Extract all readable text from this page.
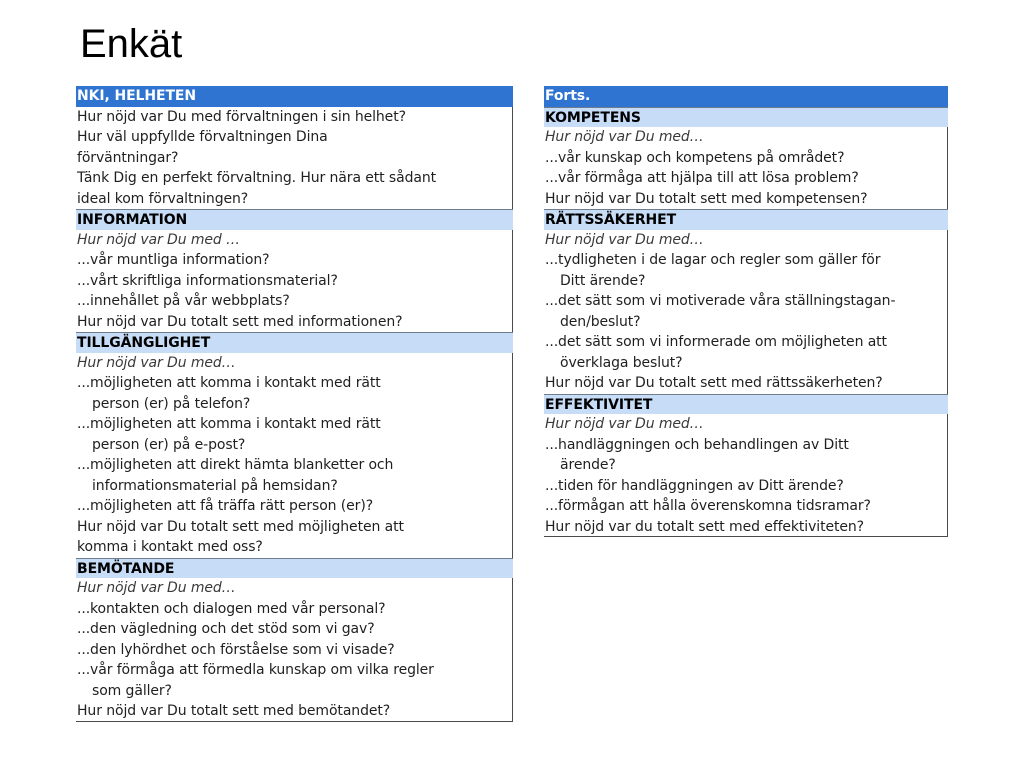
Enkät
NKI, HELHETEN
Hur nöjd var Du med förvaltningen i sin helhet?
Hur väl uppfyllde förvaltningen Dina
förväntningar?
Tänk Dig en perfekt förvaltning. Hur nära ett sådant
ideal kom förvaltningen?
INFORMATION
Hur nöjd var Du med …
...vår muntliga information?
...vårt skriftliga informationsmaterial?
...innehållet på vår webbplats?
Hur nöjd var Du totalt sett med informationen?
TILLGÄNGLIGHET
Hur nöjd var Du med…
...möjligheten att komma i kontakt med rätt
person (er) på telefon?
...möjligheten att komma i kontakt med rätt
person (er) på e-post?
...möjligheten att direkt hämta blanketter och
informationsmaterial på hemsidan?
...möjligheten att få träffa rätt person (er)?
Hur nöjd var Du totalt sett med möjligheten att
komma i kontakt med oss?
BEMÖTANDE
Hur nöjd var Du med…
...kontakten och dialogen med vår personal?
...den vägledning och det stöd som vi gav?
...den lyhördhet och förståelse som vi visade?
...vår förmåga att förmedla kunskap om vilka regler
som gäller?
Hur nöjd var Du totalt sett med bemötandet?
Forts.
KOMPETENS
Hur nöjd var Du med…
...vår kunskap och kompetens på området?
...vår förmåga att hjälpa till att lösa problem?
Hur nöjd var Du totalt sett med kompetensen?
RÄTTSSÄKERHET
Hur nöjd var Du med…
...tydligheten i de lagar och regler som gäller för
Ditt ärende?
...det sätt som vi motiverade våra ställningstagan-
den/beslut?
...det sätt som vi informerade om möjligheten att
överklaga beslut?
Hur nöjd var Du totalt sett med rättssäkerheten?
EFFEKTIVITET
Hur nöjd var Du med…
...handläggningen och behandlingen av Ditt
ärende?
...tiden för handläggningen av Ditt ärende?
...förmågan att hålla överenskomna tidsramar?
Hur nöjd var du totalt sett med effektiviteten?
